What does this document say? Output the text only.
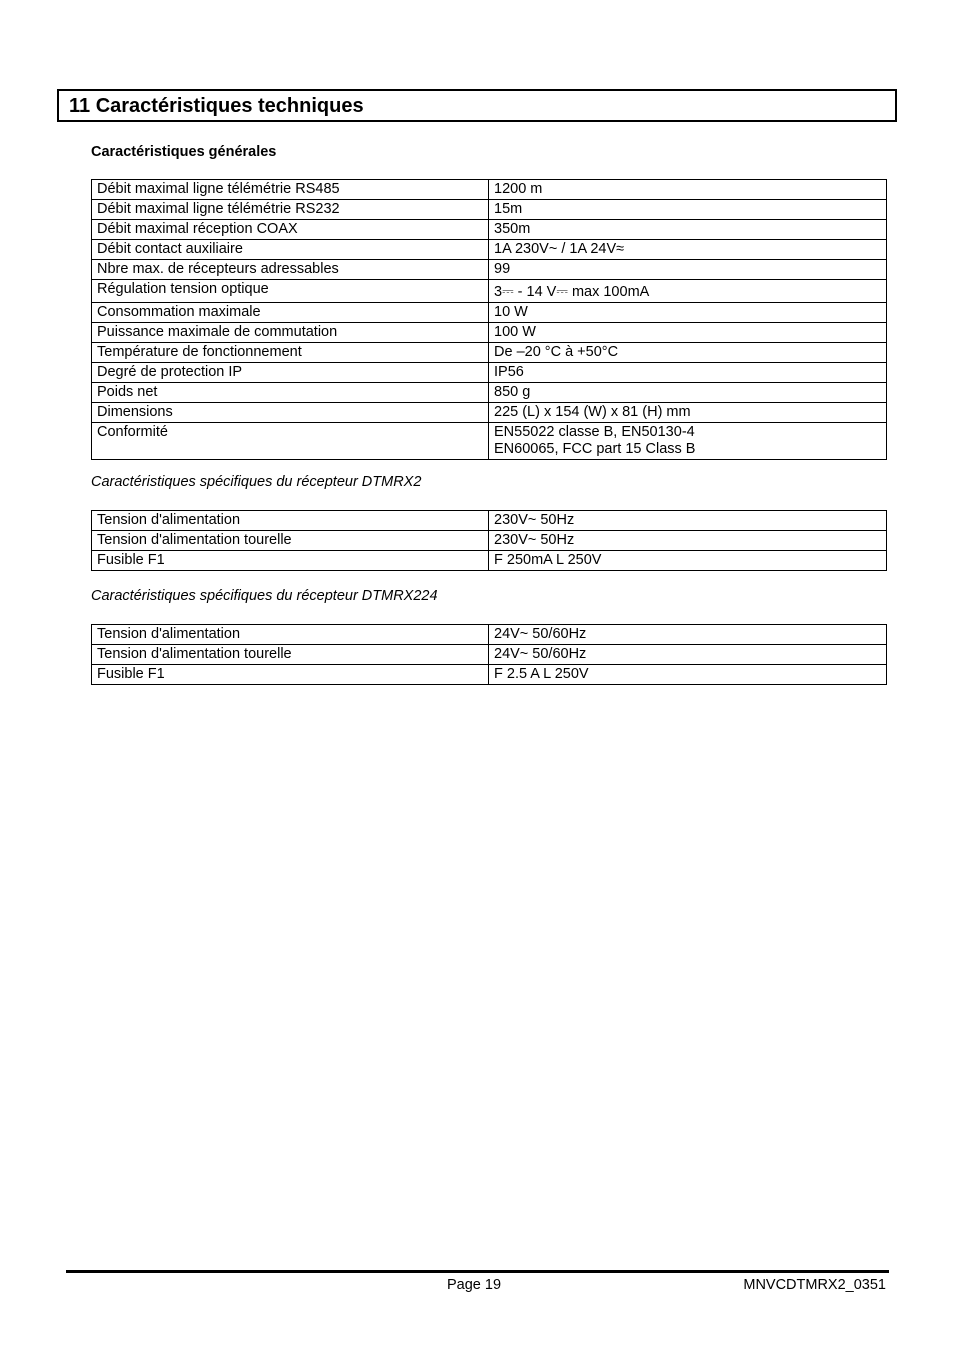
11 Caractéristiques techniques
Caractéristiques générales
Débit maximal ligne télémétrie RS485	1200 m
Débit maximal ligne télémétrie RS232	15m
Débit maximal réception COAX	350m
Débit contact auxiliaire	1A 230V~ / 1A 24V≈
Nbre max. de récepteurs adressables	99
Régulation tension optique	3⎓ - 14 V⎓ max 100mA
Consommation maximale	10 W
Puissance maximale de commutation	100 W
Température de fonctionnement	De –20 °C à +50°C
Degré de protection IP	IP56
Poids net	850 g
Dimensions	225 (L) x 154 (W) x 81 (H) mm
Conformité	EN55022 classe B, EN50130-4
EN60065, FCC part 15 Class B
Caractéristiques spécifiques du récepteur DTMRX2
Tension d'alimentation	230V~ 50Hz
Tension d'alimentation tourelle	230V~ 50Hz
Fusible F1	F 250mA L 250V
Caractéristiques spécifiques du récepteur DTMRX224
Tension d'alimentation	24V~ 50/60Hz
Tension d'alimentation tourelle	24V~ 50/60Hz
Fusible F1	F 2.5 A L 250V
Page 19	MNVCDTMRX2_0351
